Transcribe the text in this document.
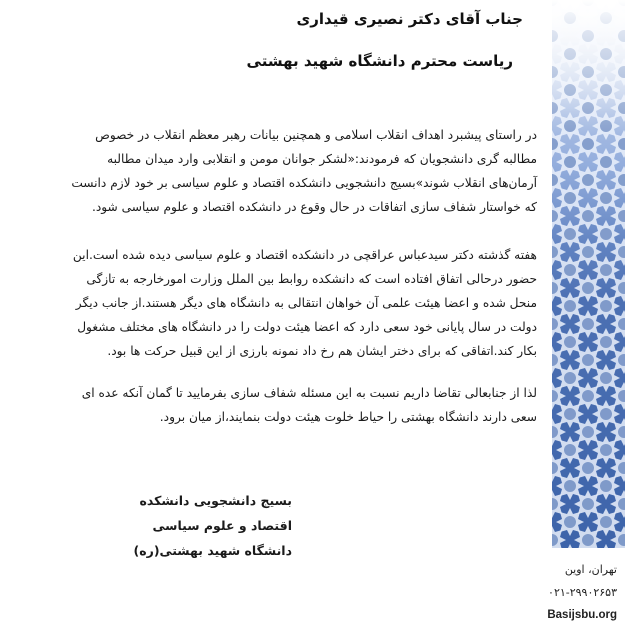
جناب آقای دکتر نصیری قیداری
ریاست محترم دانشگاه شهید بهشتی
در راستای پیشبرد اهداف انقلاب اسلامی و همچنین بیانات رهبر معظم انقلاب در خصوص
مطالبه گری دانشجویان که فرمودند:«لشکر جوانان مومن و انقلابی وارد میدان مطالبه
آرمان‌های انقلاب شوند»بسیج دانشجویی دانشکده اقتصاد و علوم سیاسی بر خود لازم دانست
که خواستار شفاف سازی اتفاقات در حال وقوع در دانشکده اقتصاد و علوم سیاسی شود.
هفته گذشته دکتر سیدعباس عراقچی در دانشکده اقتصاد و علوم سیاسی دیده شده است.این
حضور درحالی اتفاق افتاده است که دانشکده روابط بین الملل وزارت امورخارجه به تازگی
منحل شده و اعضا هیئت علمی آن خواهان انتقالی به دانشگاه های دیگر هستند.از جانب دیگر
دولت در سال پایانی خود سعی دارد که اعضا هیئت دولت را در دانشگاه های مختلف مشغول
بکار کند.اتفاقی که برای دختر ایشان هم رخ داد نمونه بارزی از این قبیل حرکت ها بود.
لذا از جنابعالی تقاضا داریم نسبت به این مسئله شفاف سازی بفرمایید تا گمان آنکه عده ای
سعی دارند دانشگاه بهشتی را حیاط خلوت هیئت دولت بنمایند،از میان برود.
بسیج دانشجویی دانشکده
اقتصاد و علوم سیاسی
دانشگاه شهید بهشتی(ره)
تهران، اوین
۰۲۱-۲۹۹۰۲۶۵۳
Basijsbu.org
